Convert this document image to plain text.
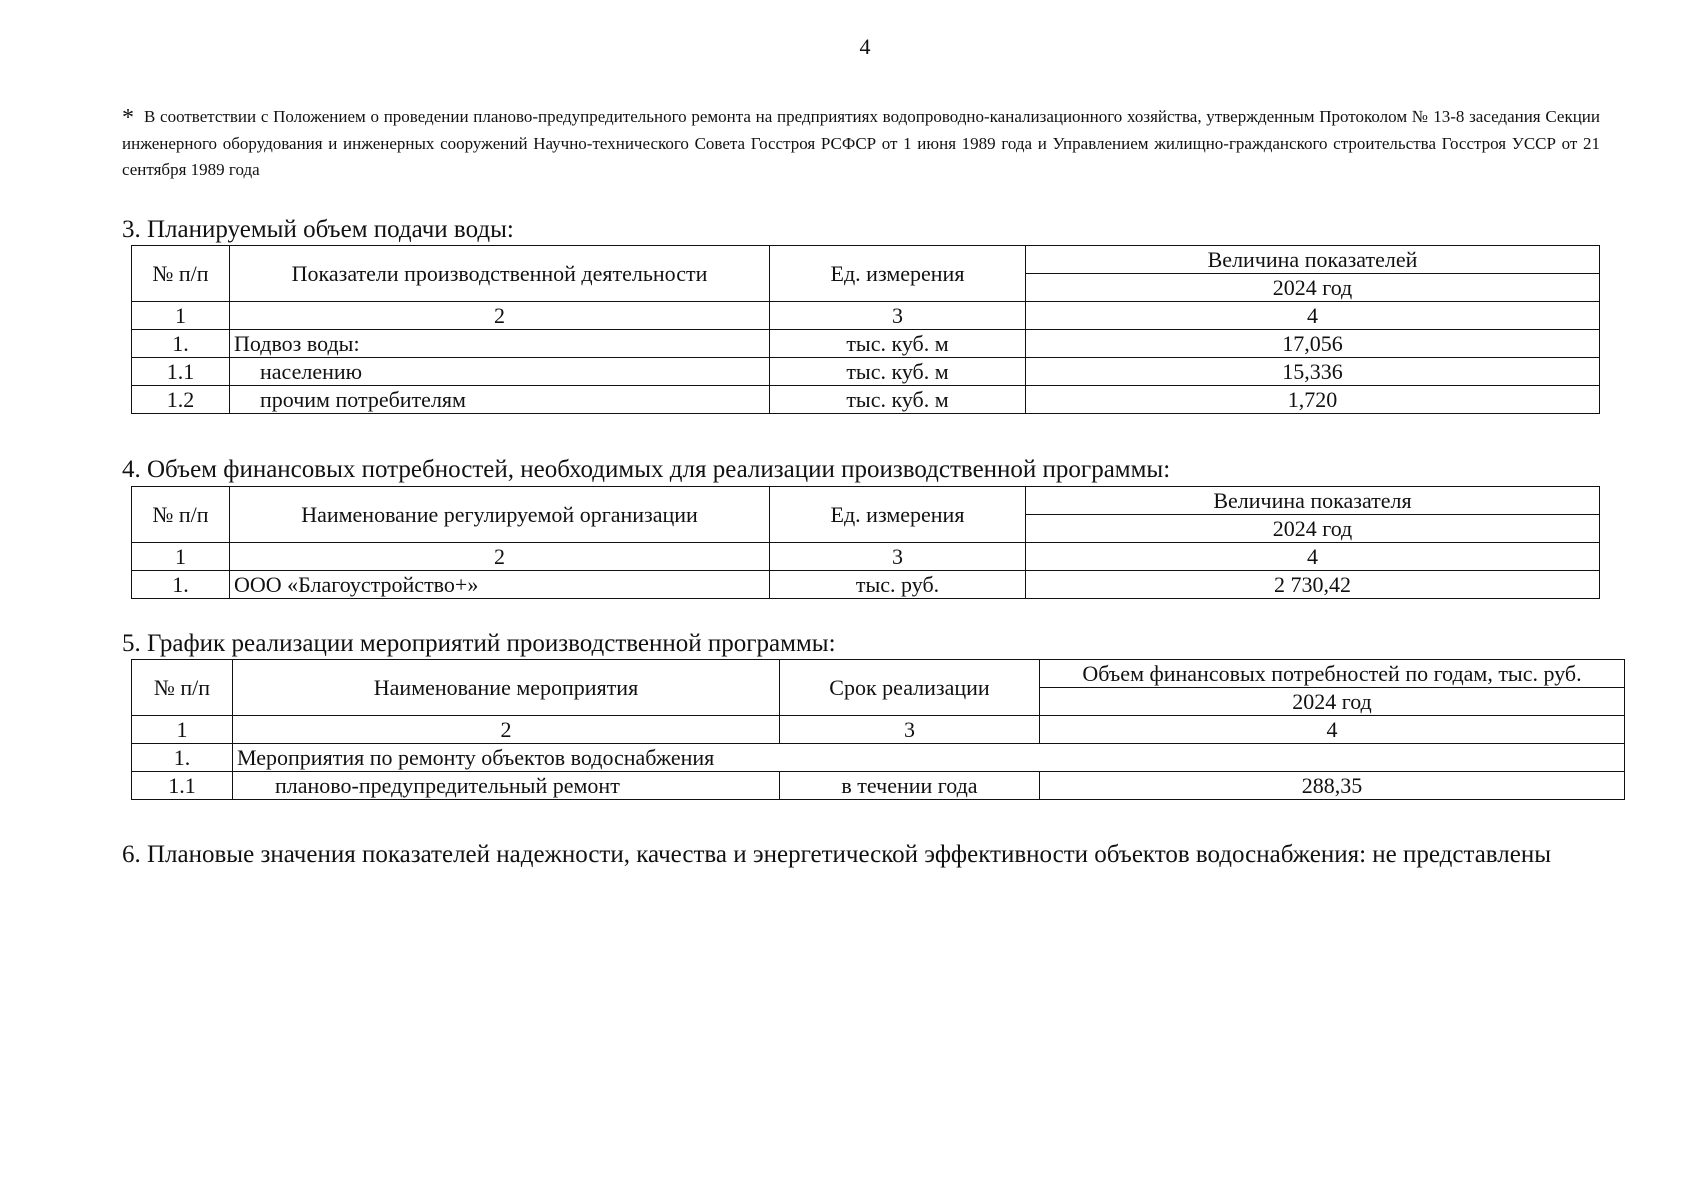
4
* В соответствии с Положением о проведении планово-предупредительного ремонта на предприятиях водопроводно-канализационного хозяйства, утвержденным Протоколом № 13-8 заседания Секции инженерного оборудования и инженерных сооружений Научно-технического Совета Госстроя РСФСР от 1 июня 1989 года и Управлением жилищно-гражданского строительства Госстроя УССР от 21 сентября 1989 года
3. Планируемый объем подачи воды:
№ п/п	Показатели производственной деятельности	Ед. измерения	Величина показателей
			2024 год
1	2	3	4
1.	Подвоз воды:	тыс. куб. м	17,056
1.1	населению	тыс. куб. м	15,336
1.2	прочим потребителям	тыс. куб. м	1,720
4. Объем финансовых потребностей, необходимых для реализации производственной программы:
№ п/п	Наименование регулируемой организации	Ед. измерения	Величина показателя
			2024 год
1	2	3	4
1.	ООО «Благоустройство+»	тыс. руб.	2 730,42
5. График реализации мероприятий производственной программы:
№ п/п	Наименование мероприятия	Срок реализации	Объем финансовых потребностей по годам, тыс. руб.
			2024 год
1	2	3	4
1.	Мероприятия по ремонту объектов водоснабжения		
1.1	планово-предупредительный ремонт	в течении года	288,35
6. Плановые значения показателей надежности, качества и энергетической эффективности объектов водоснабжения: не представлены
